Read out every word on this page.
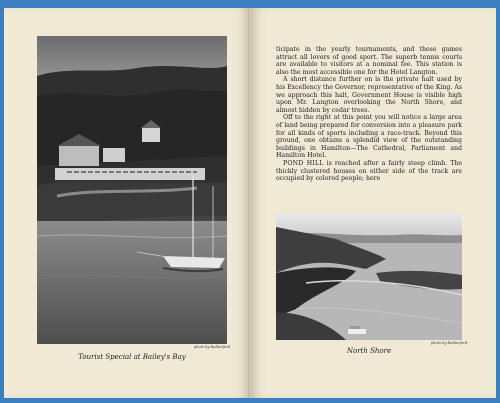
photo by Rutherford
Tourist Special at Bailey's Bay

ticipate in the yearly tournaments, and these games attract all lovers of good sport. The superb tennis courts are available to visitors at a nominal fee. This station is also the most accessible one for the Hotel Langton.

A short distance further on is the private halt used by his Excellency the Governor, representative of the King. As we approach this halt, Government House is visible high upon Mr. Langton overlooking the North Shore, and almost hidden by cedar trees.

Off to the right at this point you will notice a large area of land being prepared for conversion into a pleasure park for all kinds of sports including a race-track. Beyond this ground, one obtains a splendid view of the outstanding buildings in Hamilton—The Cathedral, Parliament and Hamilton Hotel.

POND HILL is reached after a fairly steep climb. The thickly clustered houses on either side of the track are occupied by colored people; here

photo by Rutherford
North Shore
